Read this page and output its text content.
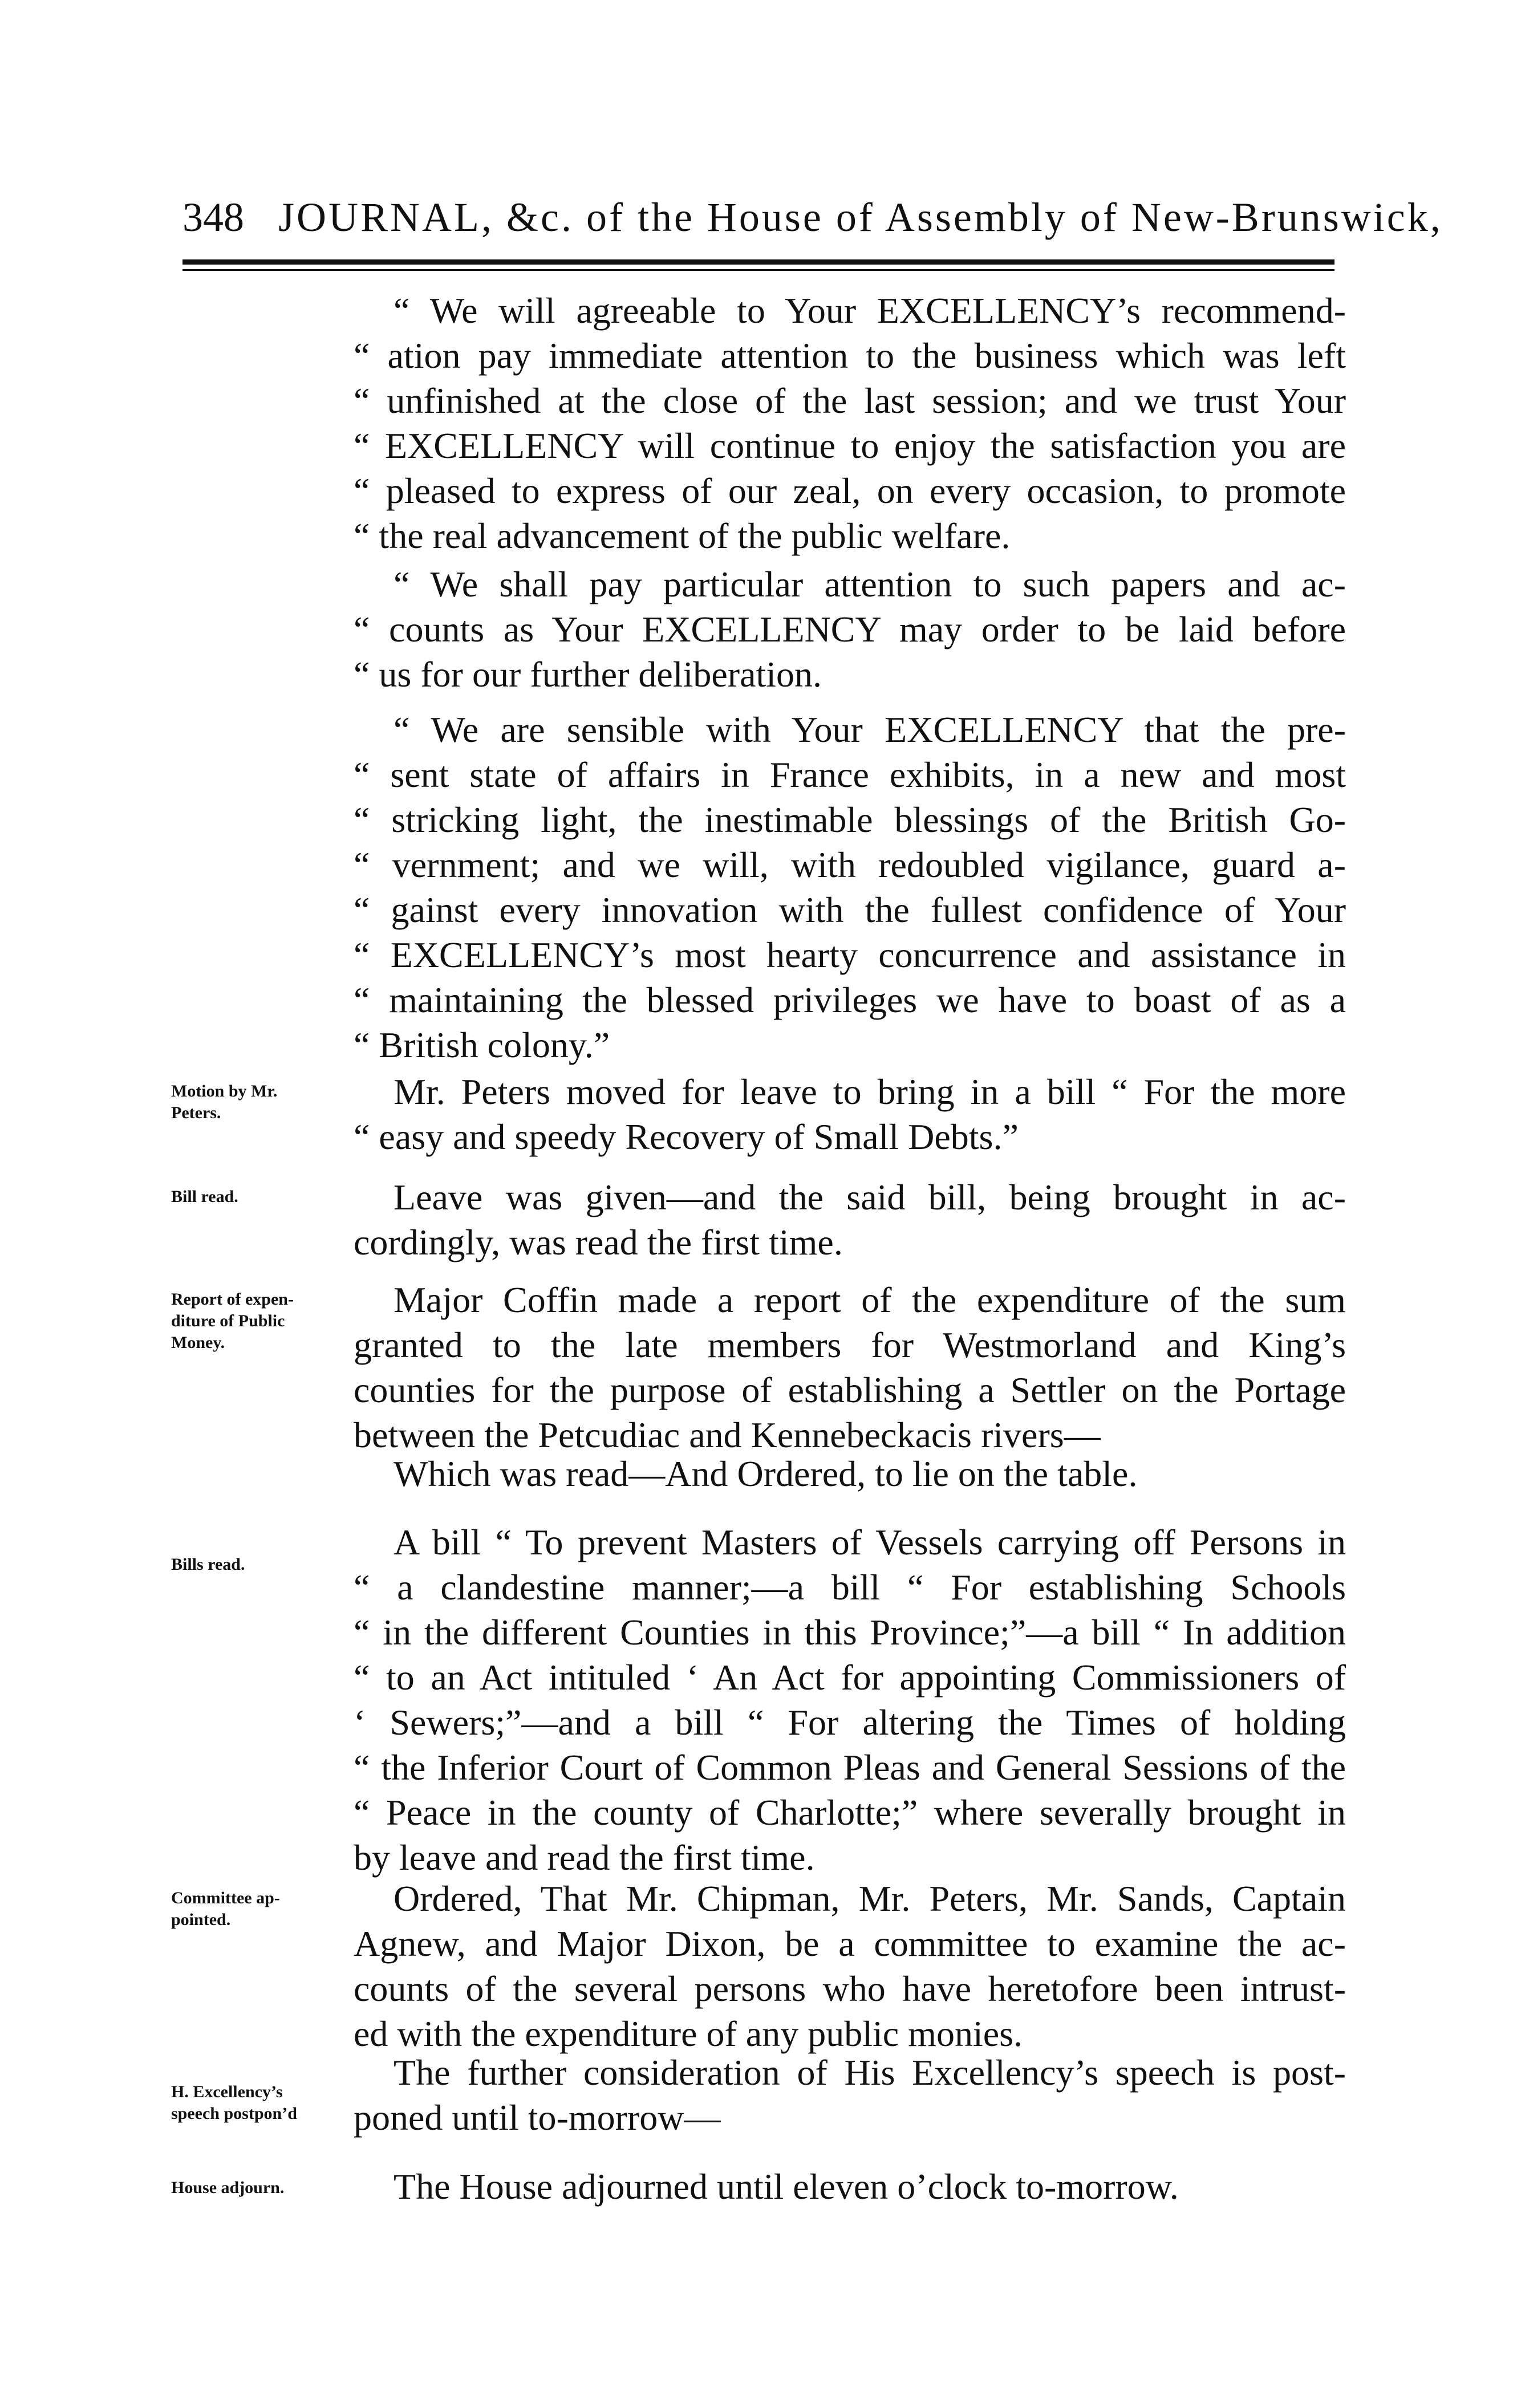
348 JOURNAL, &c. of the House of Assembly of New-Brunswick,
“ We will agreeable to Your EXCELLENCY’s recommend-
“ ation pay immediate attention to the business which was left
“ unfinished at the close of the last session; and we trust Your
“ EXCELLENCY will continue to enjoy the satisfaction you are
“ pleased to express of our zeal, on every occasion, to promote
“ the real advancement of the public welfare.
“ We shall pay particular attention to such papers and ac-
“ counts as Your EXCELLENCY may order to be laid before
“ us for our further deliberation.
“ We are sensible with Your EXCELLENCY that the pre-
“ sent state of affairs in France exhibits, in a new and most
“ stricking light, the inestimable blessings of the British Go-
“ vernment; and we will, with redoubled vigilance, guard a-
“ gainst every innovation with the fullest confidence of Your
“ EXCELLENCY’s most hearty concurrence and assistance in
“ maintaining the blessed privileges we have to boast of as a
“ British colony.”
Motion by Mr.
Peters.
Mr. Peters moved for leave to bring in a bill “ For the more
“ easy and speedy Recovery of Small Debts.”
Bill read.	Leave was given—and the said bill, being brought in ac-
cordingly, was read the first time.
Report of expen-
diture of Public
Money.
Major Coffin made a report of the expenditure of the sum
granted to the late members for Westmorland and King’s
counties for the purpose of establishing a Settler on the Portage
between the Petcudiac and Kennebeckacis rivers—
Which was read—And Ordered, to lie on the table.
Bills read.
A bill “ To prevent Masters of Vessels carrying off Persons in
“ a clandestine manner;—a bill “ For establishing Schools
“ in the different Counties in this Province;”—a bill “ In addition
“ to an Act intituled ‘ An Act for appointing Commissioners of
‘ Sewers;”—and a bill “ For altering the Times of holding
“ the Inferior Court of Common Pleas and General Sessions of the
“ Peace in the county of Charlotte;” where severally brought in
by leave and read the first time.
Committee ap-
pointed.
Ordered, That Mr. Chipman, Mr. Peters, Mr. Sands, Captain
Agnew, and Major Dixon, be a committee to examine the ac-
counts of the several persons who have heretofore been intrust-
ed with the expenditure of any public monies.
H. Excellency’s
speech postpon’d
The further consideration of His Excellency’s speech is post-
poned until to-morrow—
House adjourn.	The House adjourned until eleven o’clock to-morrow.
